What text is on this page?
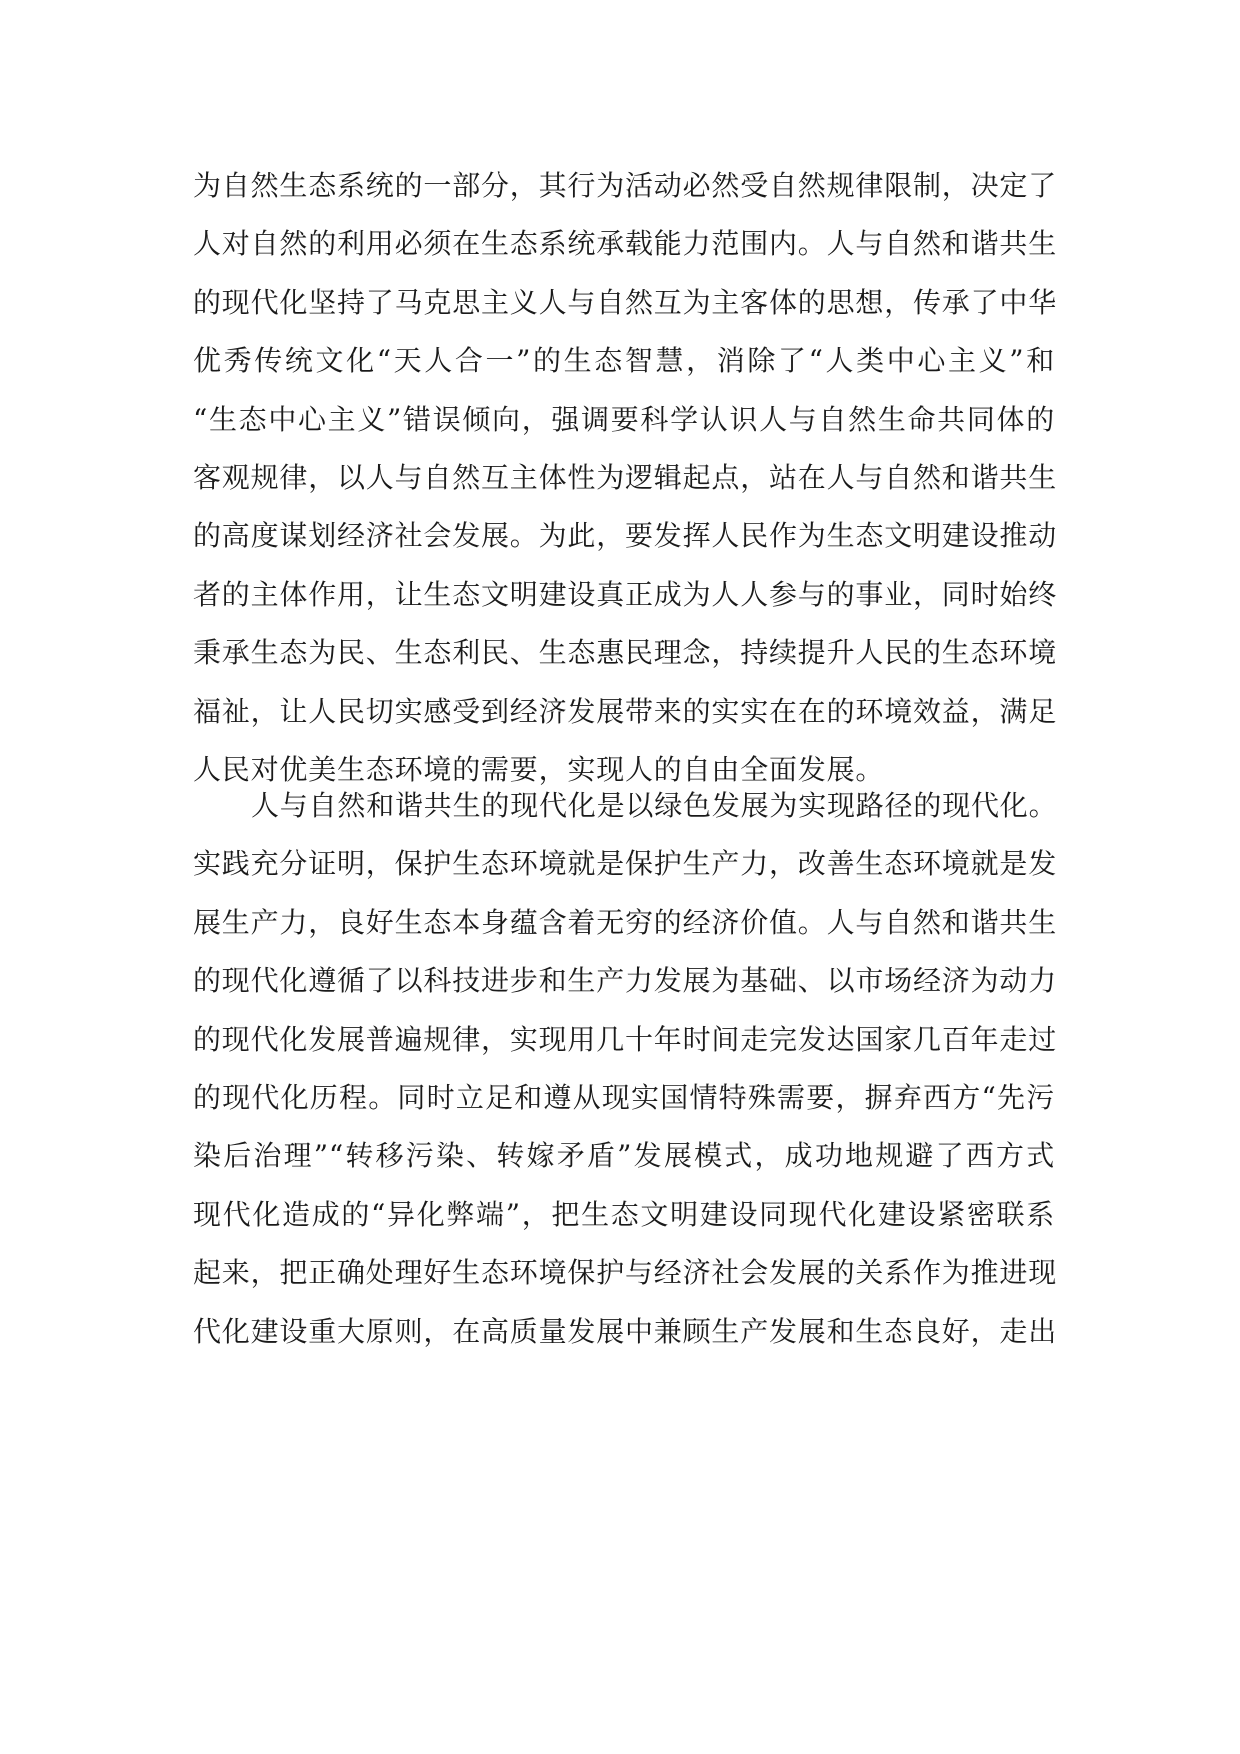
为自然生态系统的一部分，其行为活动必然受自然规律限制，决定了
人对自然的利用必须在生态系统承载能力范围内。人与自然和谐共生
的现代化坚持了马克思主义人与自然互为主客体的思想，传承了中华
优秀传统文化“天人合一”的生态智慧，消除了“人类中心主义”和
“生态中心主义”错误倾向，强调要科学认识人与自然生命共同体的
客观规律，以人与自然互主体性为逻辑起点，站在人与自然和谐共生
的高度谋划经济社会发展。为此，要发挥人民作为生态文明建设推动
者的主体作用，让生态文明建设真正成为人人参与的事业，同时始终
秉承生态为民、生态利民、生态惠民理念，持续提升人民的生态环境
福祉，让人民切实感受到经济发展带来的实实在在的环境效益，满足
人民对优美生态环境的需要，实现人的自由全面发展。
人与自然和谐共生的现代化是以绿色发展为实现路径的现代化。
实践充分证明，保护生态环境就是保护生产力，改善生态环境就是发
展生产力，良好生态本身蕴含着无穷的经济价值。人与自然和谐共生
的现代化遵循了以科技进步和生产力发展为基础、以市场经济为动力
的现代化发展普遍规律，实现用几十年时间走完发达国家几百年走过
的现代化历程。同时立足和遵从现实国情特殊需要，摒弃西方“先污
染后治理”“转移污染、转嫁矛盾”发展模式，成功地规避了西方式
现代化造成的“异化弊端”，把生态文明建设同现代化建设紧密联系
起来，把正确处理好生态环境保护与经济社会发展的关系作为推进现
代化建设重大原则，在高质量发展中兼顾生产发展和生态良好，走出
